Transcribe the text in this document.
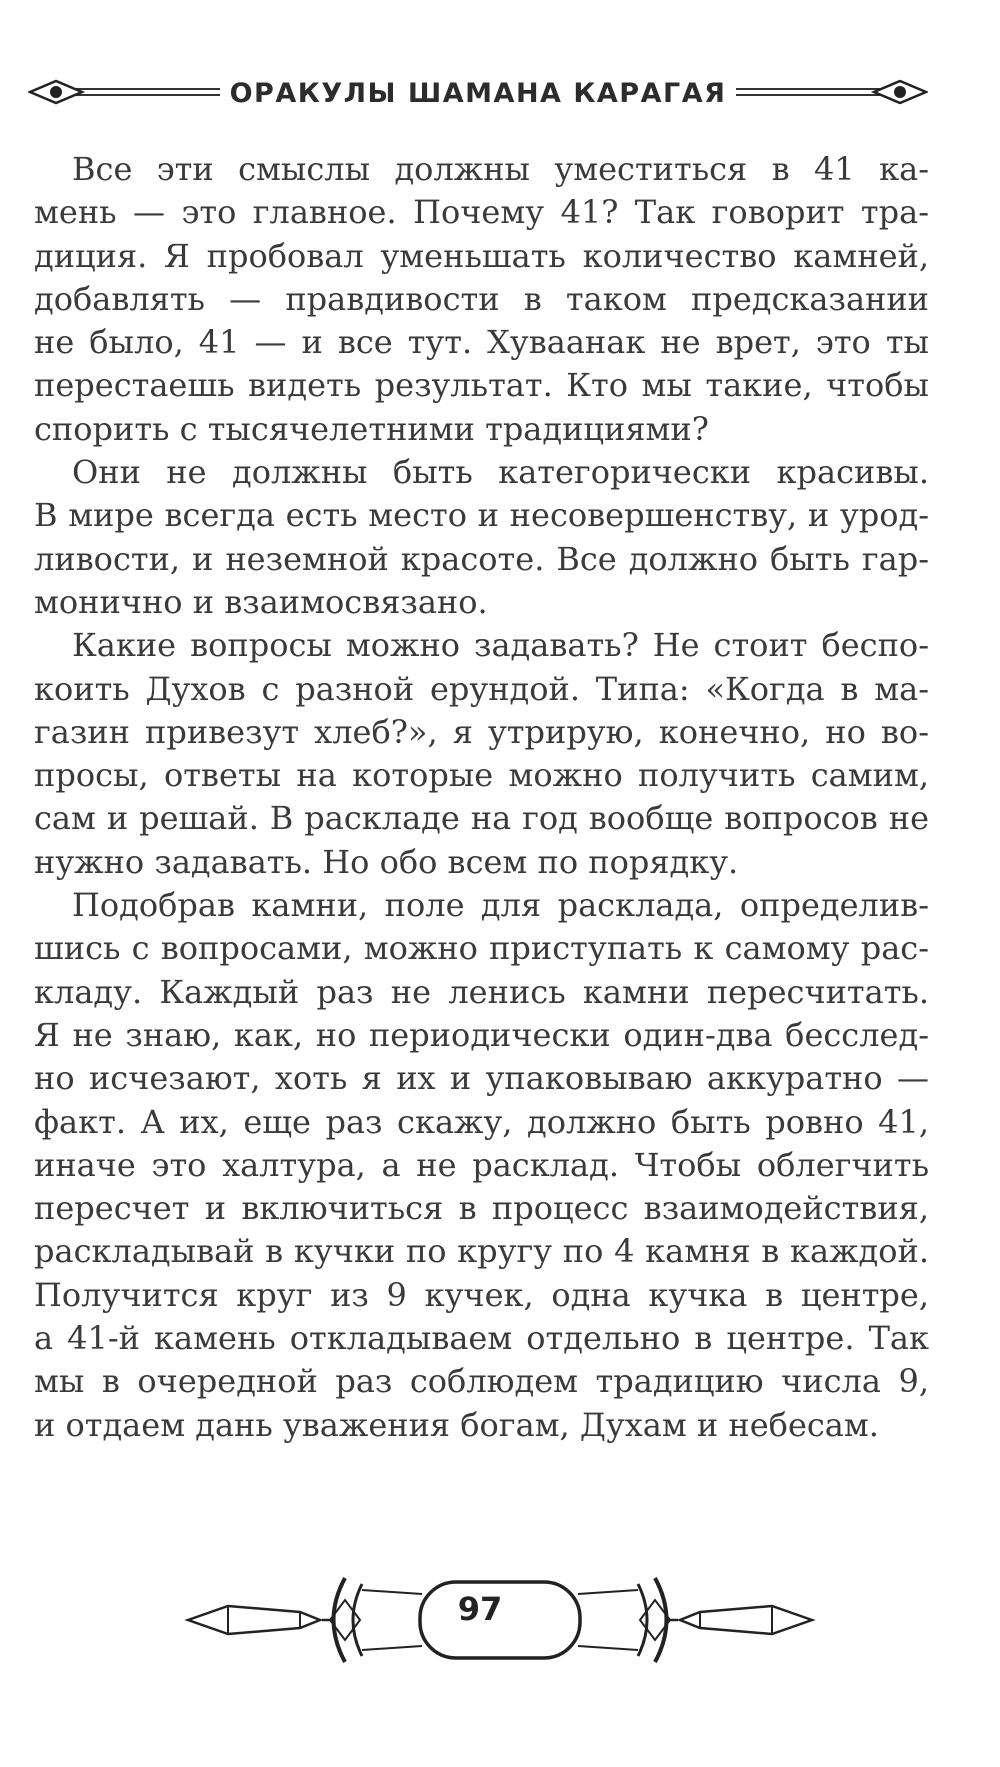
ОРАКУЛЫ ШАМАНА КАРАГАЯ

Все эти смыслы должны уместиться в 41 ка-
мень — это главное. Почему 41? Так говорит тра-
диция. Я пробовал уменьшать количество камней,
добавлять — правдивости в таком предсказании
не было, 41 — и все тут. Хуваанак не врет, это ты
перестаешь видеть результат. Кто мы такие, чтобы
спорить с тысячелетними традициями?

Они не должны быть категорически красивы.
В мире всегда есть место и несовершенству, и урод-
ливости, и неземной красоте. Все должно быть гар-
монично и взаимосвязано.

Какие вопросы можно задавать? Не стоит беспо-
коить Духов с разной ерундой. Типа: «Когда в ма-
газин привезут хлеб?», я утрирую, конечно, но во-
просы, ответы на которые можно получить самим,
сам и решай. В раскладе на год вообще вопросов не
нужно задавать. Но обо всем по порядку.

Подобрав камни, поле для расклада, определив-
шись с вопросами, можно приступать к самому рас-
кладу. Каждый раз не ленись камни пересчитать.
Я не знаю, как, но периодически один-два бесслед-
но исчезают, хоть я их и упаковываю аккуратно —
факт. А их, еще раз скажу, должно быть ровно 41,
иначе это халтура, а не расклад. Чтобы облегчить
пересчет и включиться в процесс взаимодействия,
раскладывай в кучки по кругу по 4 камня в каждой.
Получится круг из 9 кучек, одна кучка в центре,
а 41-й камень откладываем отдельно в центре. Так
мы в очередной раз соблюдем традицию числа 9,
и отдаем дань уважения богам, Духам и небесам.

97
